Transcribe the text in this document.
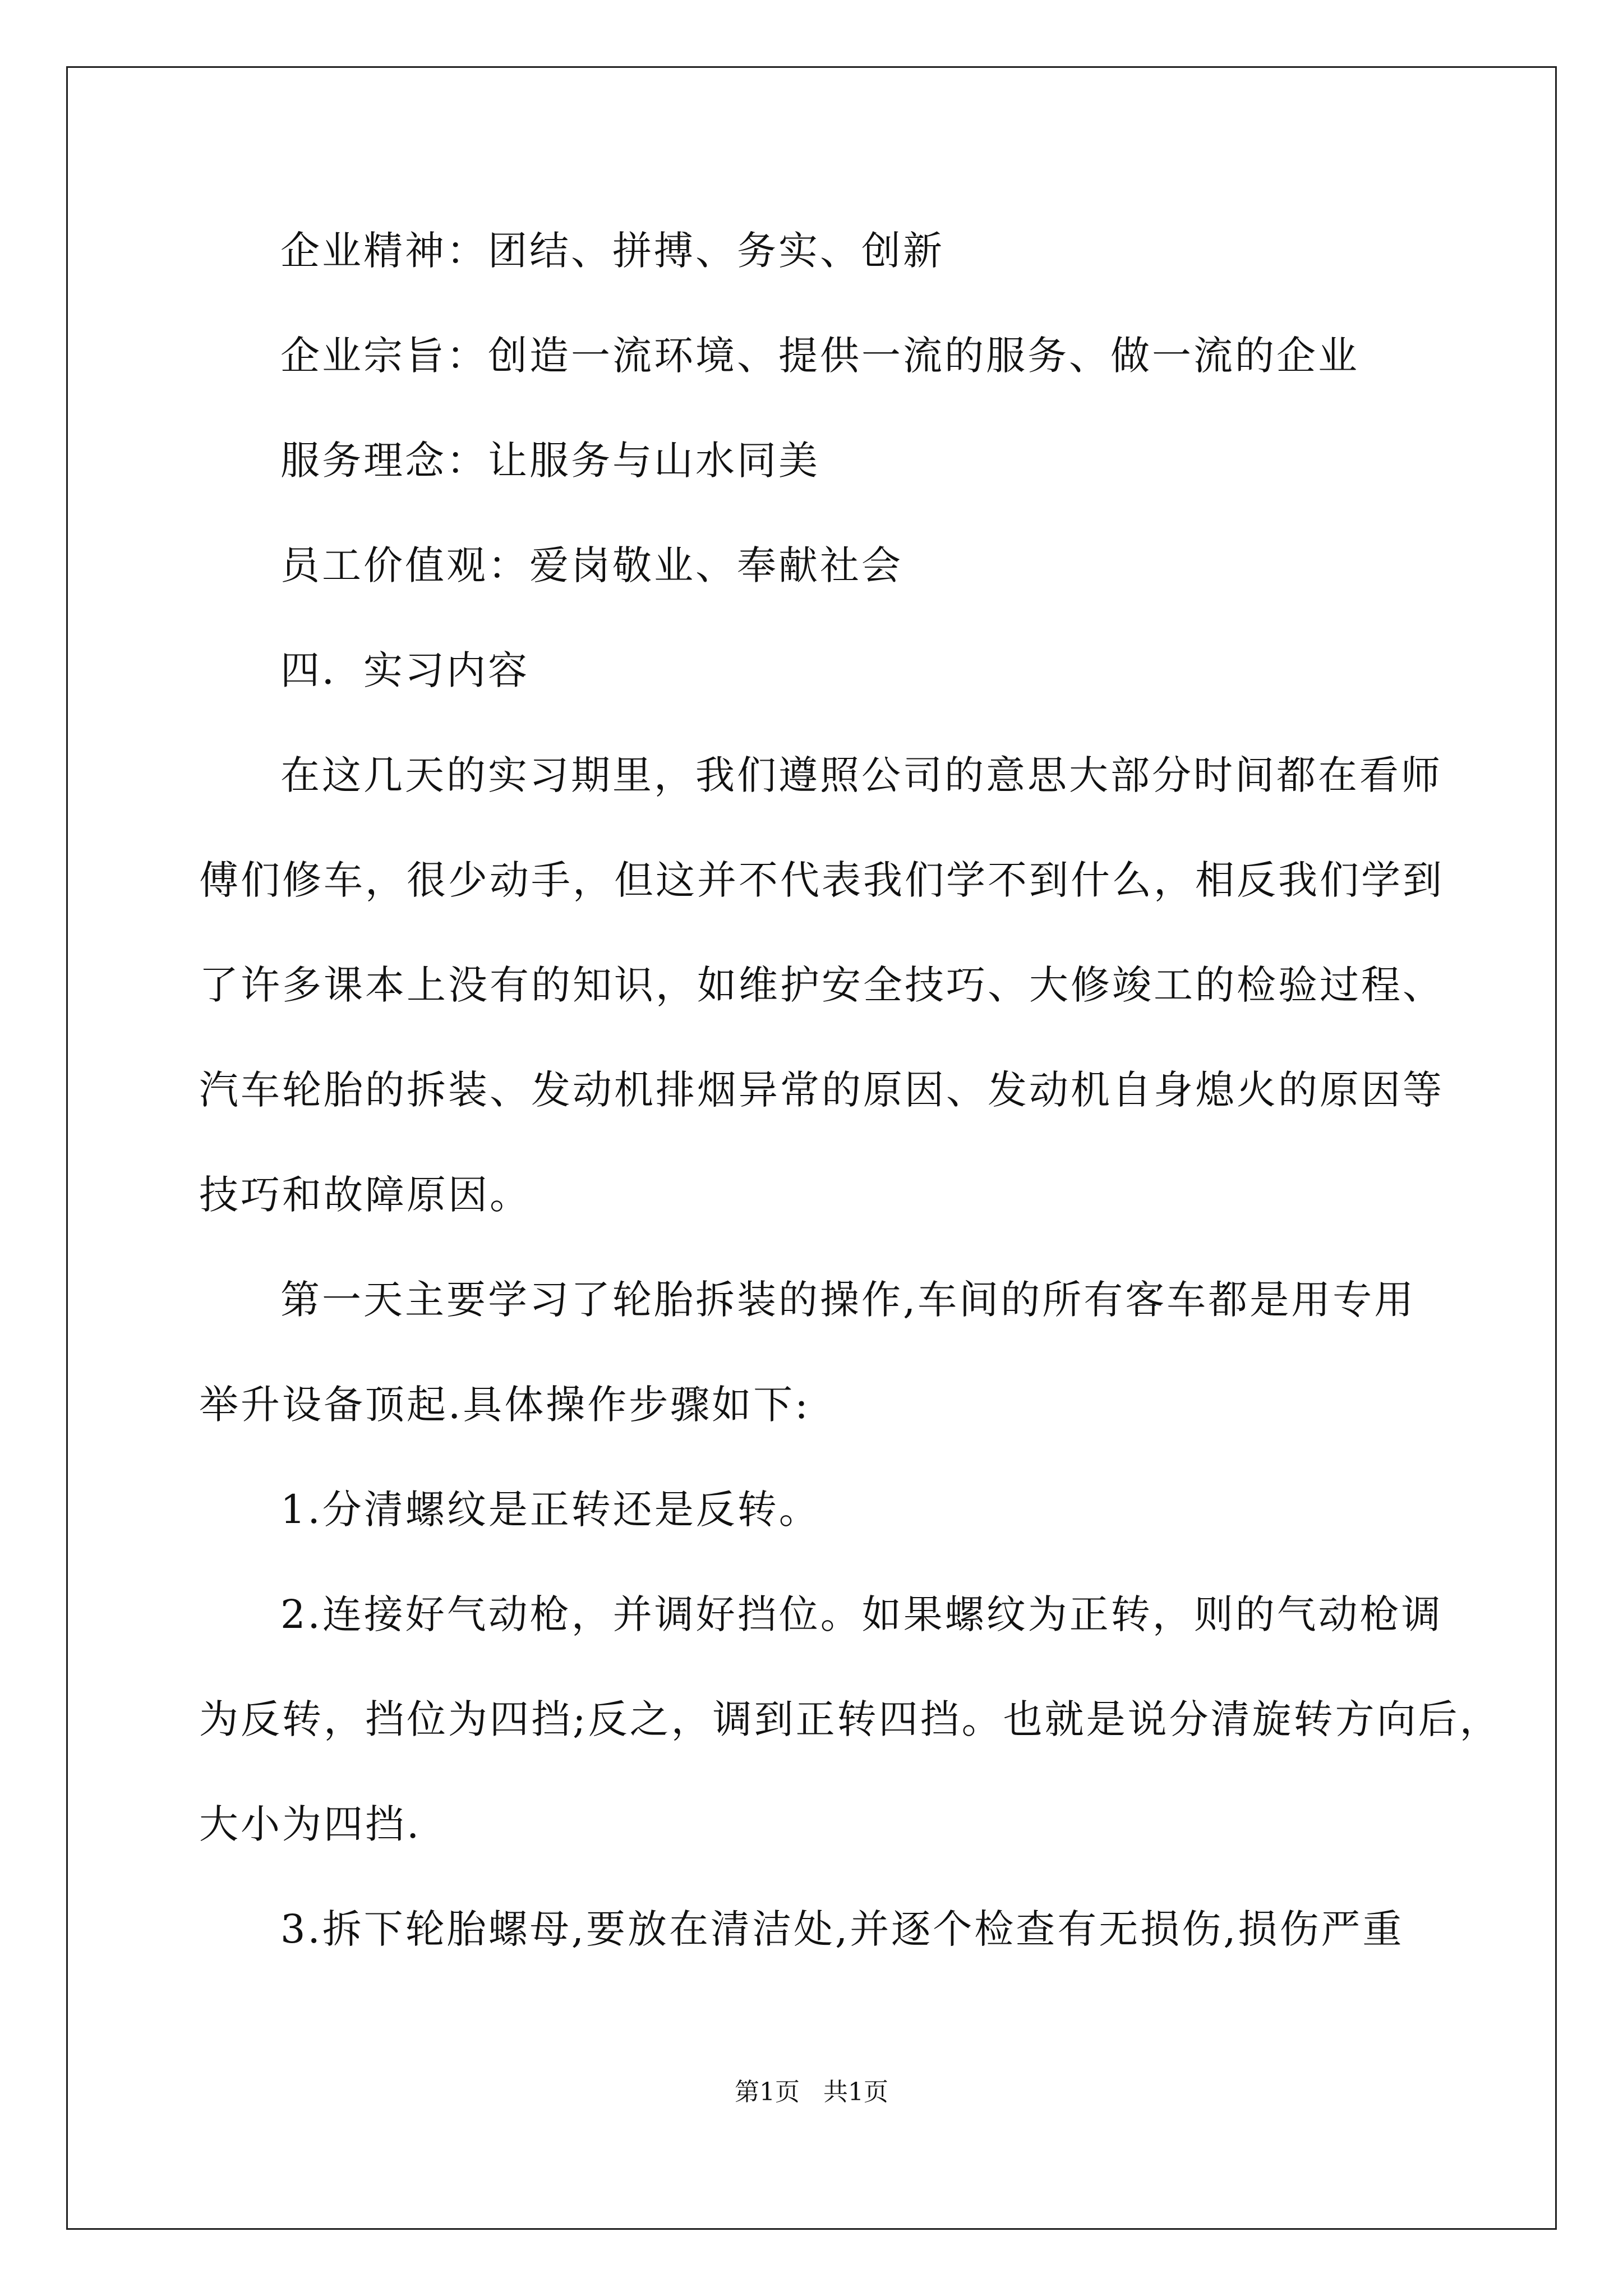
企业精神：团结、拼搏、务实、创新
企业宗旨：创造一流环境、提供一流的服务、做一流的企业
服务理念：让服务与山水同美
员工价值观：爱岗敬业、奉献社会
四．实习内容
在这几天的实习期里，我们遵照公司的意思大部分时间都在看师
傅们修车，很少动手，但这并不代表我们学不到什么，相反我们学到
了许多课本上没有的知识，如维护安全技巧、大修竣工的检验过程、
汽车轮胎的拆装、发动机排烟异常的原因、发动机自身熄火的原因等
技巧和故障原因。
第一天主要学习了轮胎拆装的操作,车间的所有客车都是用专用
举升设备顶起.具体操作步骤如下:
1.分清螺纹是正转还是反转。
2.连接好气动枪，并调好挡位。如果螺纹为正转，则的气动枪调
为反转，挡位为四挡;反之，调到正转四挡。也就是说分清旋转方向后，
大小为四挡.
3.拆下轮胎螺母,要放在清洁处,并逐个检查有无损伤,损伤严重
第1页   共1页
